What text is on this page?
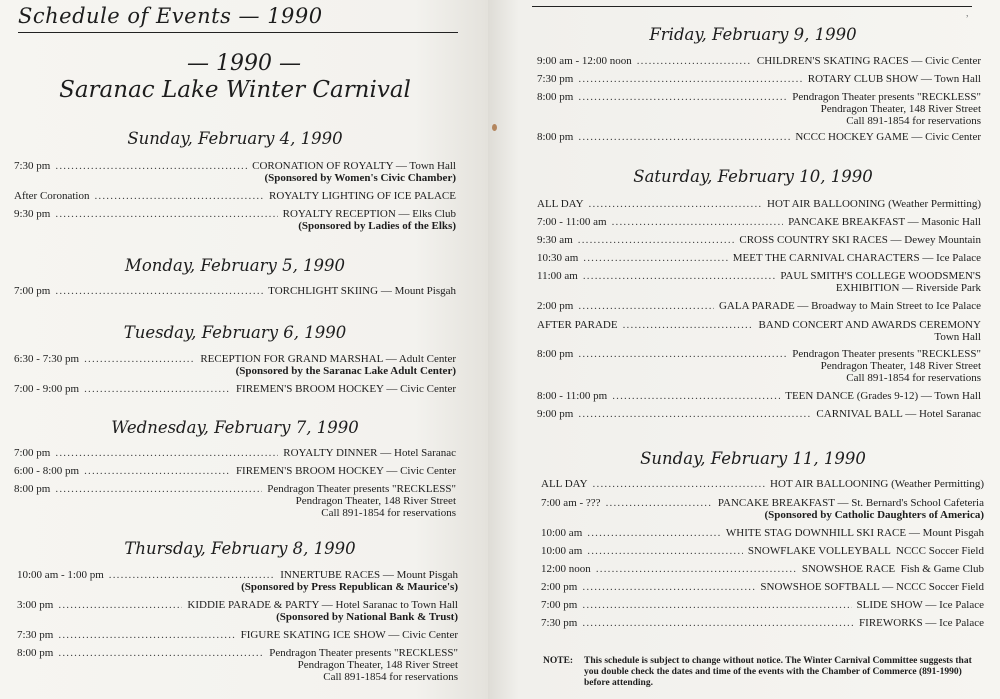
Schedule of Events — 1990
— 1990 —
Saranac Lake Winter Carnival
,
Sunday, February 4, 1990
Monday, February 5, 1990
Tuesday, February 6, 1990
Wednesday, February 7, 1990
Thursday, February 8, 1990
Friday, February 9, 1990
Saturday, February 10, 1990
Sunday, February 11, 1990
7:30 pm .....	CORONATION OF ROYALTY — Town Hall
(Sponsored by Women's Civic Chamber)
After Coronation .....	ROYALTY LIGHTING OF ICE PALACE
9:30 pm .....	ROYALTY RECEPTION — Elks Club
(Sponsored by Ladies of the Elks)
7:00 pm .....	TORCHLIGHT SKIING — Mount Pisgah
6:30 - 7:30 pm .....	RECEPTION FOR GRAND MARSHAL — Adult Center
(Sponsored by the Saranac Lake Adult Center)
7:00 - 9:00 pm .....	FIREMEN'S BROOM HOCKEY — Civic Center
7:00 pm .....	ROYALTY DINNER — Hotel Saranac
6:00 - 8:00 pm .....	FIREMEN'S BROOM HOCKEY — Civic Center
8:00 pm .....	Pendragon Theater presents "RECKLESS"
Pendragon Theater, 148 River Street
Call 891-1854 for reservations
10:00 am - 1:00 pm .....	INNERTUBE RACES — Mount Pisgah
(Sponsored by Press Republican & Maurice's)
3:00 pm .....	KIDDIE PARADE & PARTY — Hotel Saranac to Town Hall
(Sponsored by National Bank & Trust)
7:30 pm .....	FIGURE SKATING ICE SHOW — Civic Center
8:00 pm .....	Pendragon Theater presents "RECKLESS"
Pendragon Theater, 148 River Street
Call 891-1854 for reservations
9:00 am - 12:00 noon .....	CHILDREN'S SKATING RACES — Civic Center
7:30 pm .....	ROTARY CLUB SHOW — Town Hall
8:00 pm .....	Pendragon Theater presents "RECKLESS"
Pendragon Theater, 148 River Street
Call 891-1854 for reservations
8:00 pm .....	NCCC HOCKEY GAME — Civic Center
ALL DAY .....	HOT AIR BALLOONING (Weather Permitting)
7:00 - 11:00 am .....	PANCAKE BREAKFAST — Masonic Hall
9:30 am .....	CROSS COUNTRY SKI RACES — Dewey Mountain
10:30 am .....	MEET THE CARNIVAL CHARACTERS — Ice Palace
11:00 am .....	PAUL SMITH'S COLLEGE WOODSMEN'S
EXHIBITION — Riverside Park
2:00 pm .....	GALA PARADE — Broadway to Main Street to Ice Palace
AFTER PARADE .....	BAND CONCERT AND AWARDS CEREMONY
Town Hall
8:00 pm .....	Pendragon Theater presents "RECKLESS"
Pendragon Theater, 148 River Street
Call 891-1854 for reservations
8:00 - 11:00 pm .....	TEEN DANCE (Grades 9-12) — Town Hall
9:00 pm .....	CARNIVAL BALL — Hotel Saranac
ALL DAY .....	HOT AIR BALLOONING (Weather Permitting)
7:00 am - ??? .....	PANCAKE BREAKFAST — St. Bernard's School Cafeteria
(Sponsored by Catholic Daughters of America)
10:00 am .....	WHITE STAG DOWNHILL SKI RACE — Mount Pisgah
10:00 am .....	SNOWFLAKE VOLLEYBALL  NCCC Soccer Field
12:00 noon .....	SNOWSHOE RACE  Fish & Game Club
2:00 pm .....	SNOWSHOE SOFTBALL — NCCC Soccer Field
7:00 pm .....	SLIDE SHOW — Ice Palace
7:30 pm .....	FIREWORKS — Ice Palace
NOTE:	This schedule is subject to change without notice. The Winter Carnival Committee suggests that you double check the dates and time of the events with the Chamber of Commerce (891-1990) before attending.
